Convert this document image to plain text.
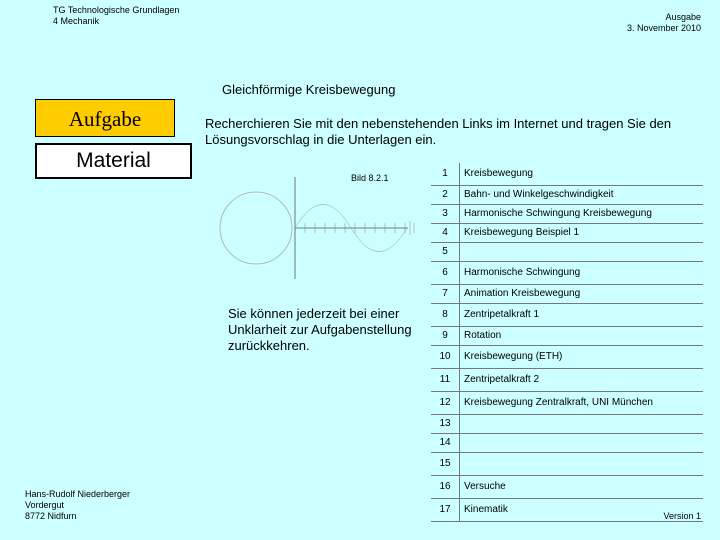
TG Technologische Grundlagen
4 Mechanik	Ausgabe
3. November 2010
Gleichförmige Kreisbewegung
Aufgabe
Material
Recherchieren Sie mit den nebenstehenden Links im Internet und tragen Sie den Lösungsvorschlag in die Unterlagen ein.
Bild 8.2.1
Sie können jederzeit bei einer Unklarheit zur Aufgabenstellung zurückkehren.
1	Kreisbewegung
2	Bahn- und Winkelgeschwindigkeit
3	Harmonische Schwingung Kreisbewegung
4	Kreisbewegung Beispiel 1
5	
6	Harmonische Schwingung
7	Animation Kreisbewegung
8	Zentripetalkraft 1
9	Rotation
10	Kreisbewegung (ETH)
11	Zentripetalkraft 2
12	Kreisbewegung Zentralkraft, UNI München
13	
14	
15	
16	Versuche
17	Kinematik
Hans-Rudolf Niederberger
Vordergut
8772 Nidfurn	Version 1
